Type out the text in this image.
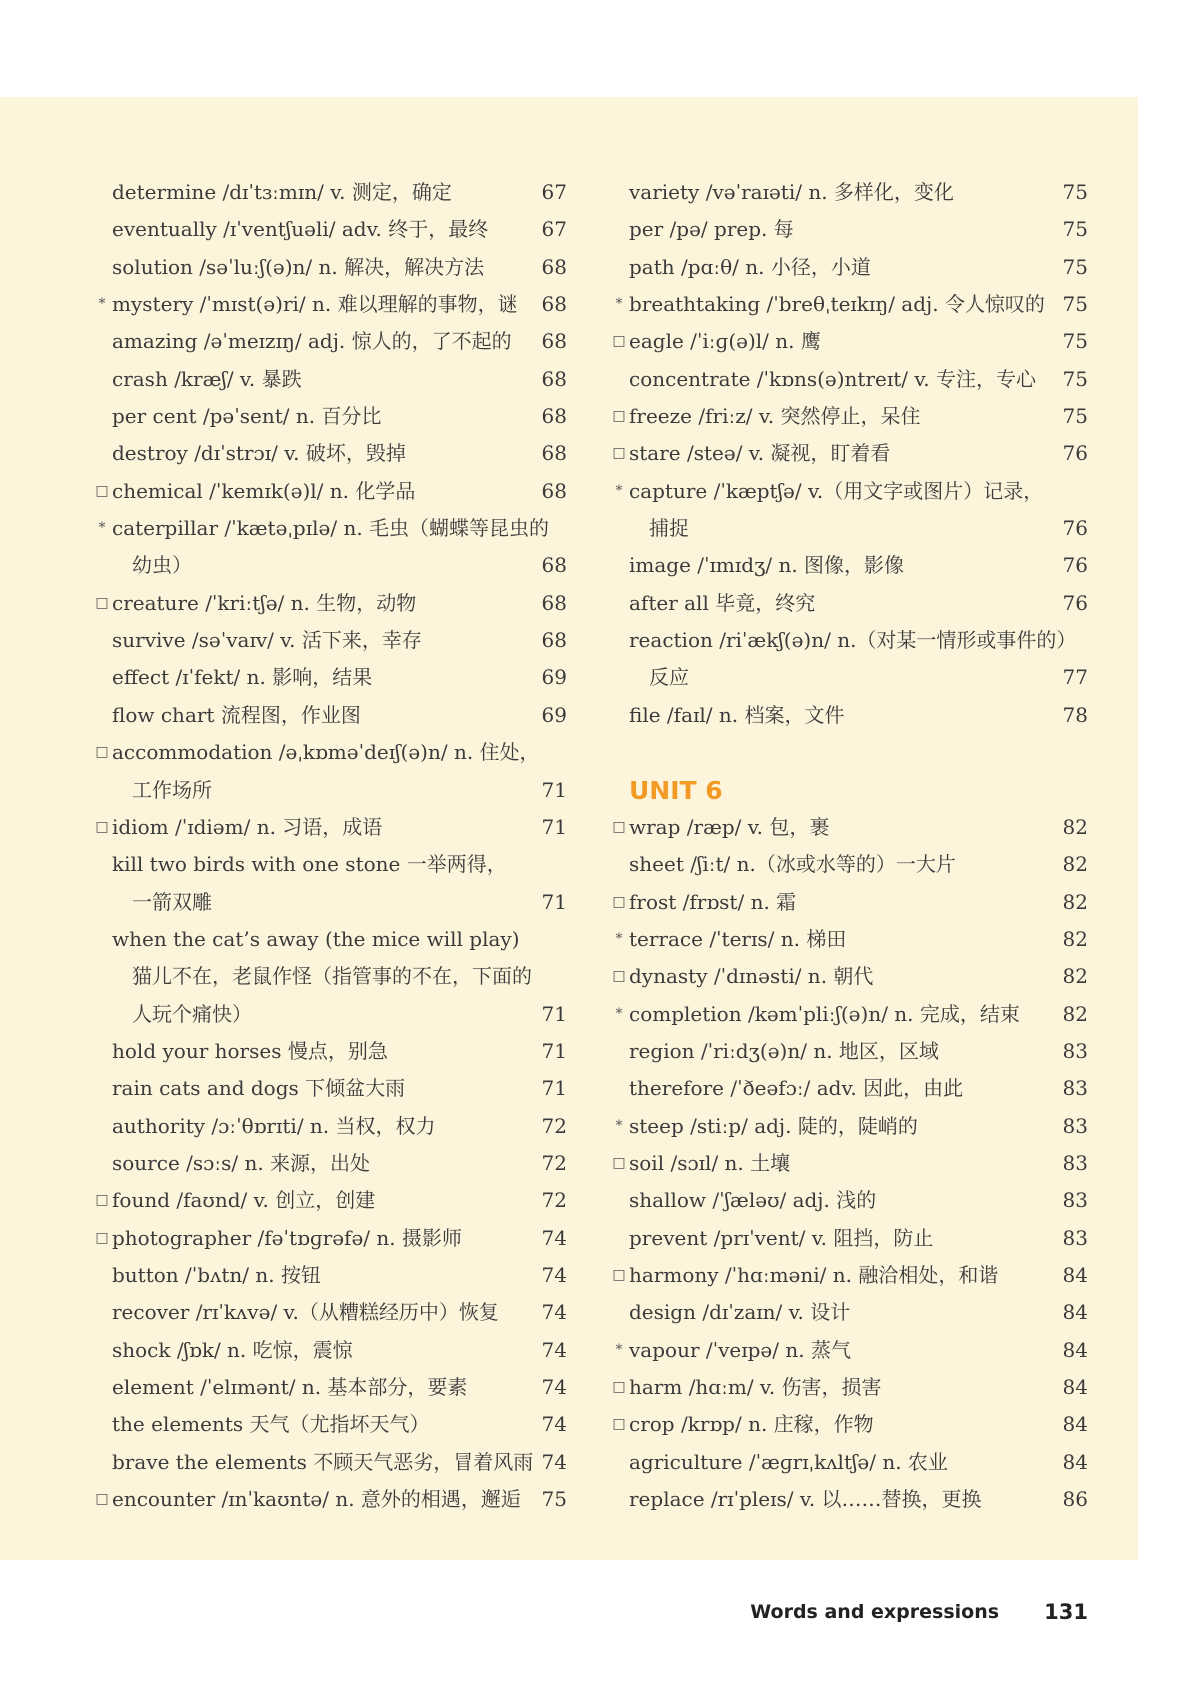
determine /dɪˈtɜːmɪn/ v. 测定，确定	67
eventually /ɪˈventʃuəli/ adv. 终于，最终	67
solution /səˈluːʃ(ə)n/ n. 解决，解决方法	68
* mystery /ˈmɪst(ə)ri/ n. 难以理解的事物，谜 68
amazing /əˈmeɪzɪŋ/ adj. 惊人的，了不起的 68
crash /kræʃ/ v. 暴跌	68
per cent /pəˈsent/ n. 百分比	68
destroy /dɪˈstrɔɪ/ v. 破坏，毁掉	68
□ chemical /ˈkemɪk(ə)l/ n. 化学品	68
* caterpillar /ˈkætəˌpɪlə/ n. 毛虫（蝴蝶等昆虫的
幼虫）	68
□ creature /ˈkriːtʃə/ n. 生物，动物	68
survive /səˈvaɪv/ v. 活下来，幸存	68
effect /ɪˈfekt/ n. 影响，结果	69
flow chart 流程图，作业图	69
□ accommodation /əˌkɒməˈdeɪʃ(ə)n/ n. 住处，
工作场所	71
□ idiom /ˈɪdiəm/ n. 习语，成语	71
kill two birds with one stone 一举两得，
一箭双雕	71
when the cat’s away (the mice will play)
猫儿不在，老鼠作怪（指管事的不在，下面的
人玩个痛快）	71
hold your horses 慢点，别急	71
rain cats and dogs 下倾盆大雨	71
authority /ɔːˈθɒrɪti/ n. 当权，权力	72
source /sɔːs/ n. 来源，出处	72
□ found /faʊnd/ v. 创立，创建	72
□ photographer /fəˈtɒɡrəfə/ n. 摄影师	74
button /ˈbʌtn/ n. 按钮	74
recover /rɪˈkʌvə/ v.（从糟糕经历中）恢复 74
shock /ʃɒk/ n. 吃惊，震惊	74
element /ˈelɪmənt/ n. 基本部分，要素	74
the elements 天气（尤指坏天气）	74
brave the elements 不顾天气恶劣，冒着风雨 74
□ encounter /ɪnˈkaʊntə/ n. 意外的相遇，邂逅 75
variety /vəˈraɪəti/ n. 多样化，变化	75
per /pə/ prep. 每	75
path /pɑːθ/ n. 小径，小道	75
* breathtaking /ˈbreθˌteɪkɪŋ/ adj. 令人惊叹的 75
□ eagle /ˈiːɡ(ə)l/ n. 鹰	75
concentrate /ˈkɒns(ə)ntreɪt/ v. 专注，专心 75
□ freeze /friːz/ v. 突然停止，呆住	75
□ stare /steə/ v. 凝视，盯着看	76
* capture /ˈkæptʃə/ v.（用文字或图片）记录，
捕捉	76
image /ˈɪmɪdʒ/ n. 图像，影像	76
after all 毕竟，终究	76
reaction /riˈækʃ(ə)n/ n.（对某一情形或事件的）
反应	77
file /faɪl/ n. 档案，文件	78
UNIT 6
□ wrap /ræp/ v. 包，裹	82
sheet /ʃiːt/ n.（冰或水等的）一大片	82
□ frost /frɒst/ n. 霜	82
* terrace /ˈterɪs/ n. 梯田	82
□ dynasty /ˈdɪnəsti/ n. 朝代	82
* completion /kəmˈpliːʃ(ə)n/ n. 完成，结束 82
region /ˈriːdʒ(ə)n/ n. 地区，区域	83
therefore /ˈðeəfɔː/ adv. 因此，由此	83
* steep /stiːp/ adj. 陡的，陡峭的	83
□ soil /sɔɪl/ n. 土壤	83
shallow /ˈʃæləʊ/ adj. 浅的	83
prevent /prɪˈvent/ v. 阻挡，防止	83
□ harmony /ˈhɑːməni/ n. 融洽相处，和谐	84
design /dɪˈzaɪn/ v. 设计	84
* vapour /ˈveɪpə/ n. 蒸气	84
□ harm /hɑːm/ v. 伤害，损害	84
□ crop /krɒp/ n. 庄稼，作物	84
agriculture /ˈæɡrɪˌkʌltʃə/ n. 农业	84
replace /rɪˈpleɪs/ v. 以……替换，更换	86
Words and expressions 131
